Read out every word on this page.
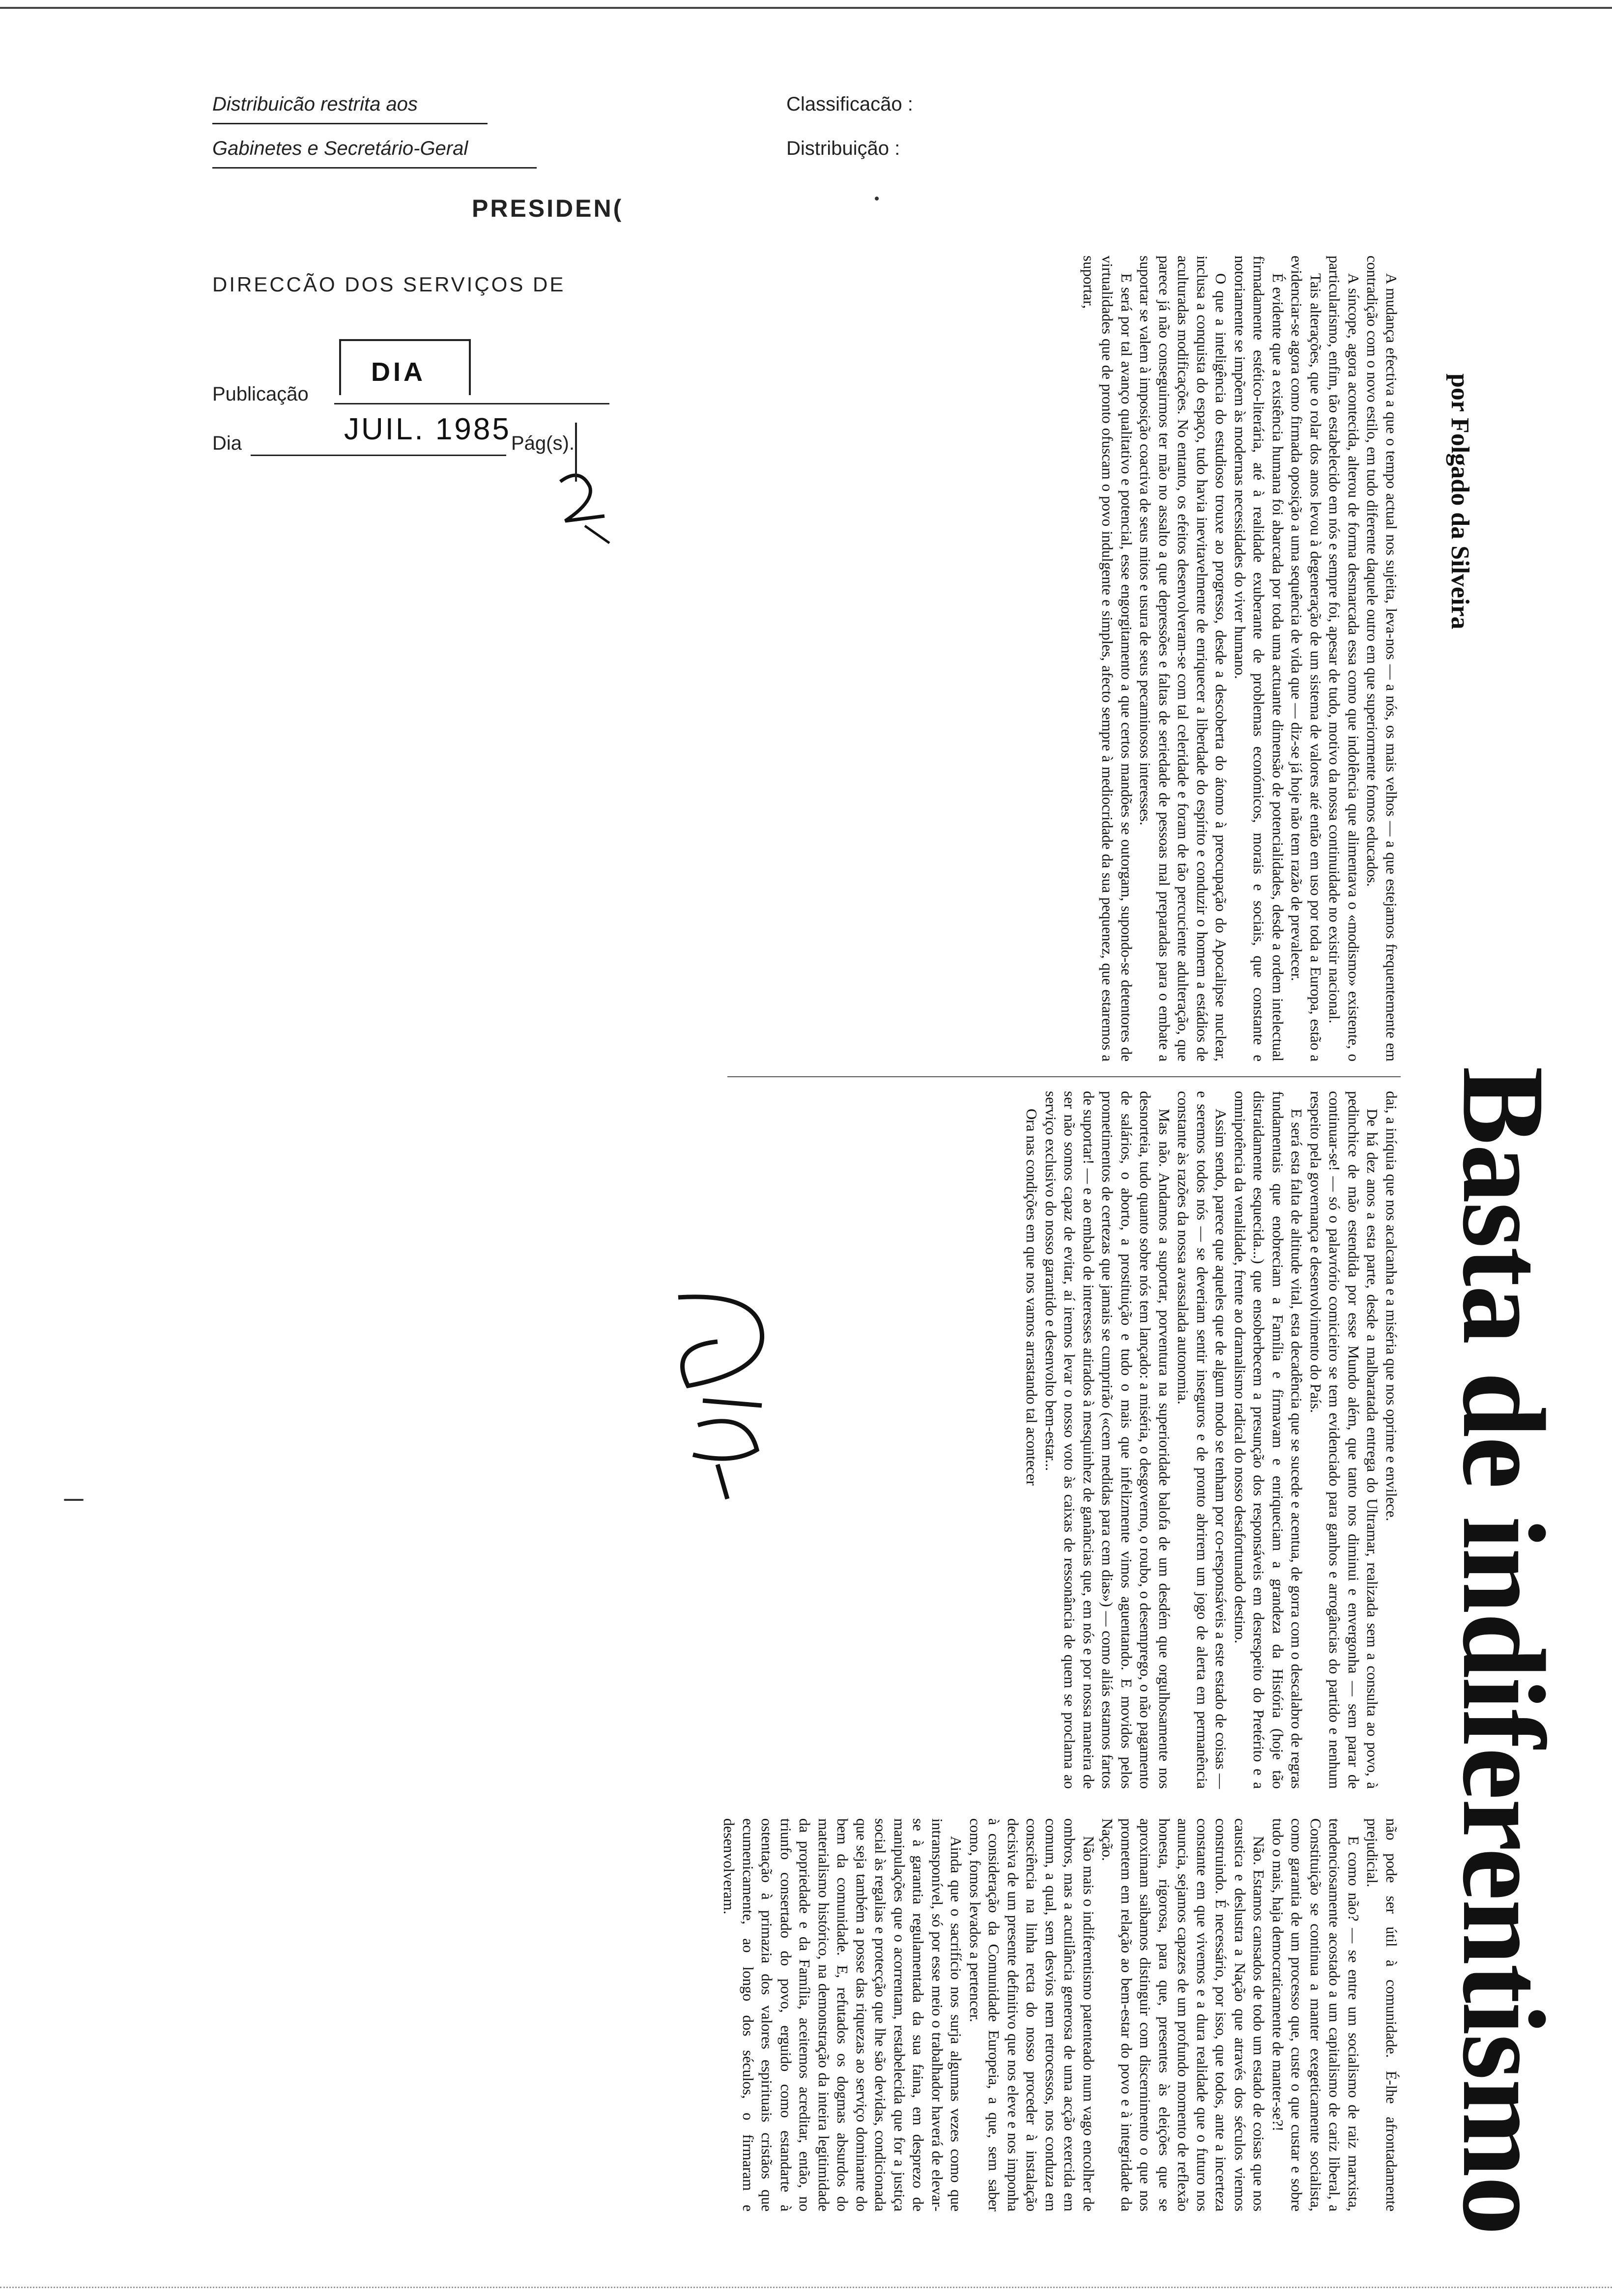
Distribuicão restrita aos
Gabinetes e Secretário-Geral
Classificacão :
Distribuição :
PRESIDEN(
DIRECCÃO DOS SERVIÇOS DE
Publicação
DIA
Dia	JUIL. 1985 Pág(s).
Basta de indiferentismo
por Folgado da Silveira

A mudança efectiva a que o tempo actual nos sujeita, leva-nos — a nós, os mais velhos — a que estejamos frequentemente em contradição com o novo estilo, em tudo diferente daquele outro em que superiormente fomos educados.

A síncope, agora acontecida, alterou de forma desmarcada essa como que indolência que alimentava o «modismo» existente, o particularismo, enfim, tão estabelecido em nós e sempre foi, apesar de tudo, motivo da nossa continuidade no existir nacional.

Tais alterações, que o rolar dos anos levou à degeneração de um sistema de valores até então em uso por toda a Europa, estão a evidenciar-se agora como firmada oposição a uma sequência de vida que — diz-se já hoje não tem razão de prevalecer.

É evidente que a existência humana foi abarcada por toda uma actuante dimensão de potencialidades, desde a ordem intelectual firmadamente estético-literária, até à realidade exuberante de problemas económicos, morais e sociais, que constante e notoriamente se impõem às modernas necessidades do viver humano.

O que a inteligência do estudioso trouxe ao progresso, desde a descoberta do átomo à preocupação do Apocalipse nuclear, inclusa a conquista do espaço, tudo havia inevitavelmente de enriquecer a liberdade do espírito e conduzir o homem a estádios de aculturadas modificações. No entanto, os efeitos desenvolveram-se com tal celeridade e foram de tão percuciente adulteração, que parece já não conseguirmos ter mão no assalto a que depressões e faltas de seriedade de pessoas mal preparadas para o embate a suportar se valem à imposição coactiva de seus mitos e usura de seus pecaminosos interesses.

E será por tal avanço qualitativo e potencial, esse engorgitamento a que certos mandões se outorgam, supondo-se detentores de virtualidades que de pronto ofuscam o povo indulgente e simples, afecto sempre à mediocridade da sua pequenez, que estaremos a suportar,

dai, a iníquia que nos acalcanha e a miséria que nos oprime e envilece.

De há dez anos a esta parte, desde a malbaratada entrega do Ultramar, realizada sem a consulta ao povo, à pedinchice de mão estendida por esse Mundo além, que tanto nos diminui e envergonha — sem parar de continuar-se! — só o palavrório comicieiro se tem evidenciado para ganhos e arrogâncias do partido e nenhum respeito pela governança e desenvolvimento do País.

E será esta falta de altitude vital, esta decadência que se sucede e acentua, de gorra com o descalabro de regras fundamentais que enobreciam a Família e firmavam e enriqueciam a grandeza da História (hoje tão distraidamente esquecida...) que ensoberbecem a presunção dos responsáveis em desrespeito do Pretérito e a omnipotência da venalidade, frente ao dramalismo radical do nosso desafortunado destino.

Assim sendo, parece que aqueles que de algum modo se tenham por co-responsáveis a este estado de coisas — e seremos todos nós — se deveriam sentir inseguros e de pronto abrirem um jogo de alerta em permanência constante às razões da nossa avassalada autonomia.

Mas não. Andamos a suportar, porventura na superioridade balofa de um desdém que orgulhosamente nos desnorteia, tudo quanto sobre nós tem lançado: a miséria, o desgoverno, o roubo, o desemprego, o não pagamento de salários, o aborto, a prostituição e tudo o mais que infelizmente vimos aguentando. E movidos pelos prometimentos de certezas que jamais se cumprirão («cem medidas para cem dias») — como aliás estamos fartos de suportar! — e ao embalo de interesses atirados à mesquinhez de ganâncias que, em nós e por nossa maneira de ser não somos capaz de evitar, aí iremos levar o nosso voto às caixas de ressonância de quem se proclama ao serviço exclusivo do nosso garantido e desenvolto bem-estar...

Ora nas condições em que nos vamos arrastando tal acontecer

não pode ser útil à comunidade. É-lhe afrontadamente prejudicial.

E como não? — se entre um socialismo de raiz marxista, tendenciosamente acostado a um capitalismo de cariz liberal, a Constituição se continua a manter exegeticamente socialista, como garantia de um processo que, custe o que custar e sobre tudo o mais, haja democraticamente de manter-se?!

Não. Estamos cansados de todo um estado de coisas que nos caustica e deslustra a Nação que através dos séculos viemos construindo. É necessário, por isso, que todos, ante a incerteza constante em que vivemos e a dura realidade que o futuro nos anuncia, sejamos capazes de um profundo momento de reflexão honesta, rigorosa, para que, presentes às eleições que se aproximam saibamos distinguir com discernimento o que nos prometem em relação ao bem-estar do povo e à integridade da Nação.

Não mais o indiferentismo patenteado num vago encolher de ombros, mas a acutilância generosa de uma acção exercida em comum, a qual, sem desvios nem retrocessos, nos conduza em consciência na linha recta do nosso proceder à instalação decisiva de um presente definitivo que nos eleve e nos imponha à consideração da Comunidade Europeia, a que, sem saber como, fomos levados a pertencer.

Ainda que o sacrifício nos surja algumas vezes como que intransponível, só por esse meio o trabalhador haverá de elevar-se à garantia regulamentada da sua faina, em desprezo de manipulações que o acorrentam, restabelecida que for a justiça social às regalias e protecção que lhe são devidas, condicionada que seja também a posse das riquezas ao serviço dominante do bem da comunidade. E, refutados os dogmas absurdos do materialismo histórico, na demonstração da inteira legitimidade da propriedade e da Família, aceitemos acreditar, então, no triunfo consertado do povo, erguido como estandarte à ostentação à primazia dos valores espirituais cristãos que ecumenicamente, ao longo dos séculos, o firmaram e desenvolveram.
